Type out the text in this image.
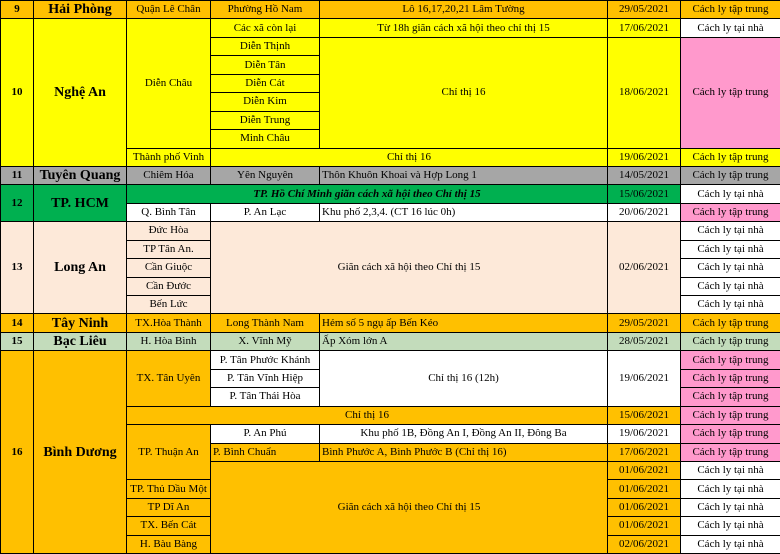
9	Hải Phòng	Quận Lê Chân	Phường Hồ Nam	Lô 16,17,20,21 Lâm Tường	29/05/2021	Cách ly tập trung
10	Nghệ An	Diễn Châu	Các xã còn lại	Từ 18h giãn cách xã hội theo chỉ thị 15	17/06/2021	Cách ly tại nhà
			Diễn Thịnh	Chỉ thị 16	18/06/2021	Cách ly tập trung
			Diễn Tân			
			Diễn Cát			
			Diễn Kim			
			Diễn Trung			
			Minh Châu			
		Thành phố Vinh	Chỉ thị 16		19/06/2021	Cách ly tập trung
11	Tuyên Quang	Chiêm Hóa	Yên Nguyên	Thôn Khuôn Khoai và Hợp Long 1	14/05/2021	Cách ly tập trung
12	TP. HCM	TP. Hồ Chí Minh giãn cách xã hội theo Chỉ thị 15			15/06/2021	Cách ly tại nhà
		Q. Bình Tân	P. An Lạc	Khu phố 2,3,4. (CT 16 lúc 0h)	20/06/2021	Cách ly tập trung
13	Long An	Đức Hòa	Giãn cách xã hội theo Chỉ thị 15		02/06/2021	Cách ly tại nhà
		TP Tân An.				Cách ly tại nhà
		Cần Giuộc				Cách ly tại nhà
		Cần Đước				Cách ly tại nhà
		Bến Lức				Cách ly tại nhà
14	Tây Ninh	TX.Hòa Thành	Long Thành Nam	Hẻm số 5 ngụ ấp Bến Kéo	29/05/2021	Cách ly tập trung
15	Bạc Liêu	H. Hòa Bình	X. Vĩnh Mỹ	Ấp Xóm lớn A	28/05/2021	Cách ly tập trung
16	Bình Dương	TX. Tân Uyên	P. Tân Phước Khánh	Chỉ thị 16 (12h)	19/06/2021	Cách ly tập trung
			P. Tân Vĩnh Hiệp			Cách ly tập trung
			P. Tân Thái Hòa			Cách ly tập trung
		Chỉ thị 16			15/06/2021	Cách ly tập trung
		TP. Thuận An	P. An Phú	Khu phố 1B, Đồng An I, Đồng An II, Đông Ba	19/06/2021	Cách ly tập trung
			P. Bình Chuẩn	Bình Phước A, Bình Phước B (Chỉ thị 16)	17/06/2021	Cách ly tập trung
			Giãn cách xã hội theo Chỉ thị 15		01/06/2021	Cách ly tại nhà
		TP. Thủ Dầu Một			01/06/2021	Cách ly tại nhà
		TP Dĩ An			01/06/2021	Cách ly tại nhà
		TX. Bến Cát			01/06/2021	Cách ly tại nhà
		H. Bàu Bàng			02/06/2021	Cách ly tại nhà
